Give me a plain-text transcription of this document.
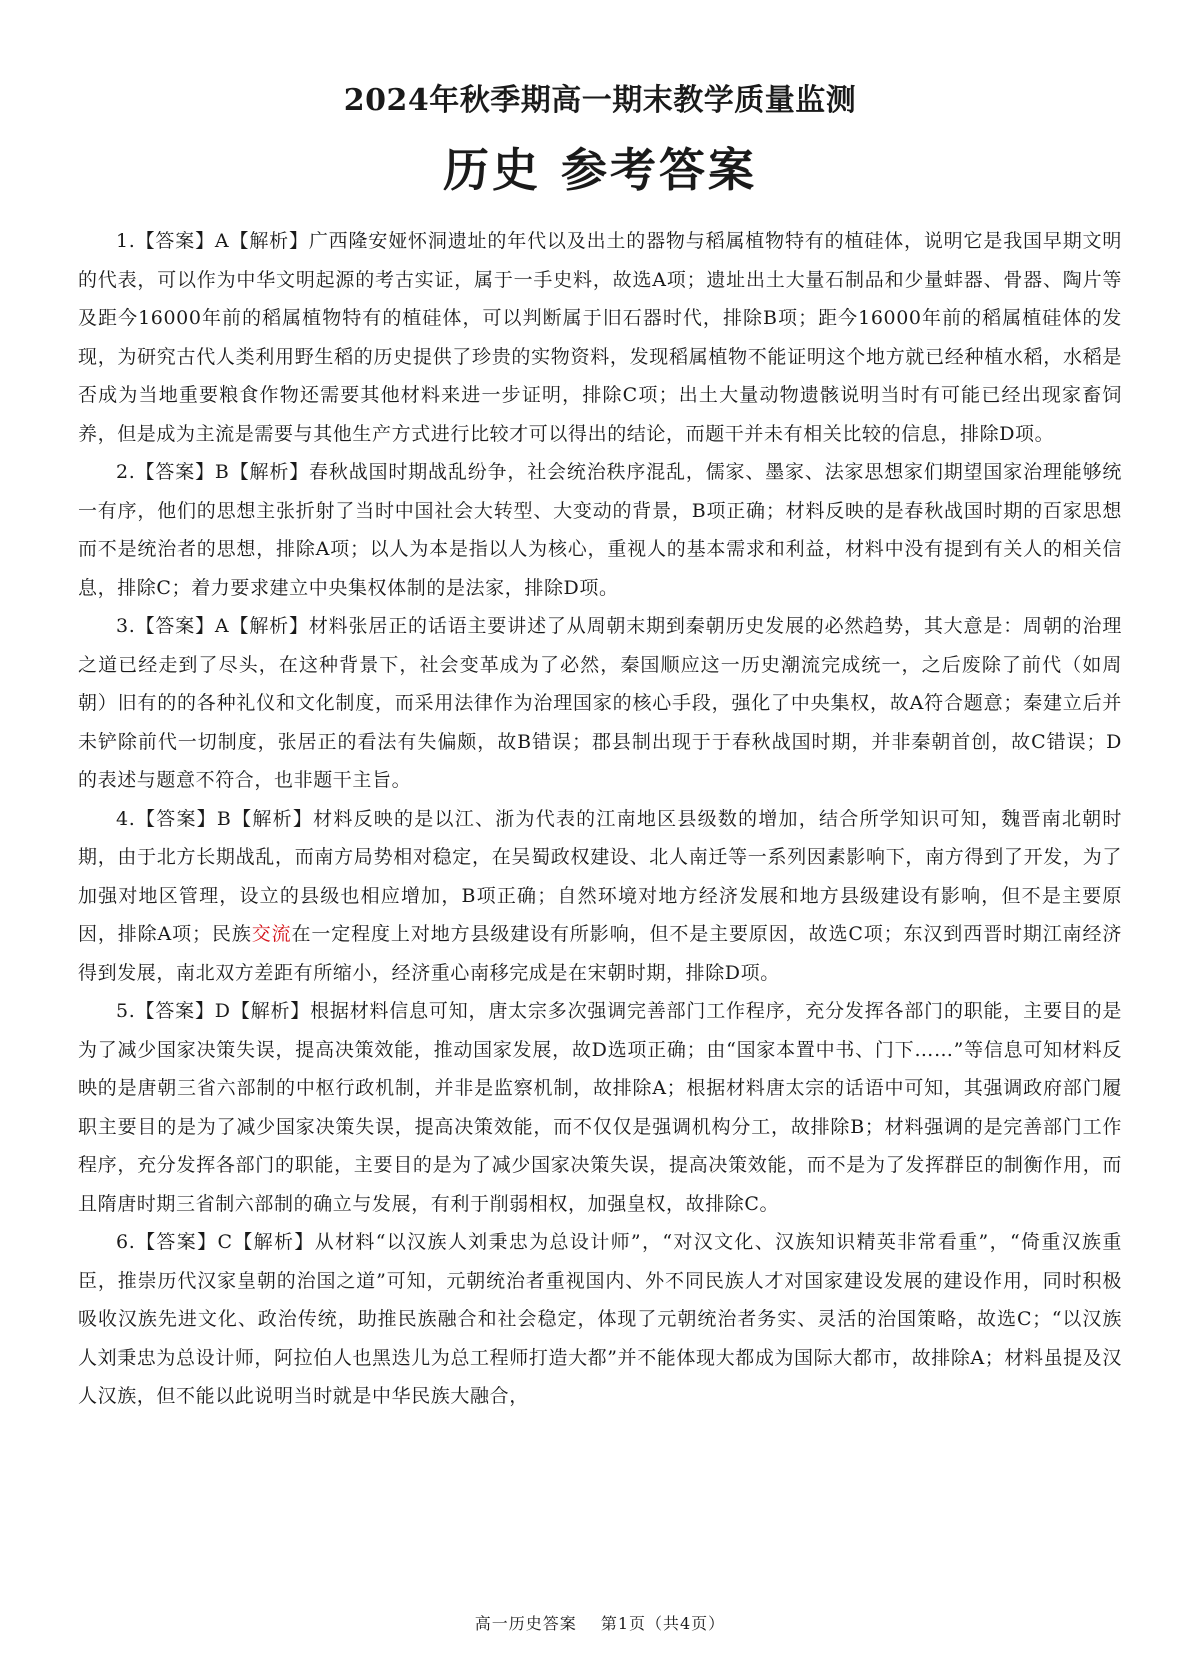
2024年秋季期高一期末教学质量监测
历史 参考答案

1.【答案】A【解析】广西隆安娅怀洞遗址的年代以及出土的器物与稻属植物特有的植硅体，说明它是我国早期文明的代表，可以作为中华文明起源的考古实证，属于一手史料，故选A项；遗址出土大量石制品和少量蚌器、骨器、陶片等及距今16000年前的稻属植物特有的植硅体，可以判断属于旧石器时代，排除B项；距今16000年前的稻属植硅体的发现，为研究古代人类利用野生稻的历史提供了珍贵的实物资料，发现稻属植物不能证明这个地方就已经种植水稻，水稻是否成为当地重要粮食作物还需要其他材料来进一步证明，排除C项；出土大量动物遗骸说明当时有可能已经出现家畜饲养，但是成为主流是需要与其他生产方式进行比较才可以得出的结论，而题干并未有相关比较的信息，排除D项。

2.【答案】B【解析】春秋战国时期战乱纷争，社会统治秩序混乱，儒家、墨家、法家思想家们期望国家治理能够统一有序，他们的思想主张折射了当时中国社会大转型、大变动的背景，B项正确；材料反映的是春秋战国时期的百家思想而不是统治者的思想，排除A项；以人为本是指以人为核心，重视人的基本需求和利益，材料中没有提到有关人的相关信息，排除C；着力要求建立中央集权体制的是法家，排除D项。

3.【答案】A【解析】材料张居正的话语主要讲述了从周朝末期到秦朝历史发展的必然趋势，其大意是：周朝的治理之道已经走到了尽头，在这种背景下，社会变革成为了必然，秦国顺应这一历史潮流完成统一，之后废除了前代（如周朝）旧有的的各种礼仪和文化制度，而采用法律作为治理国家的核心手段，强化了中央集权，故A符合题意；秦建立后并未铲除前代一切制度，张居正的看法有失偏颇，故B错误；郡县制出现于于春秋战国时期，并非秦朝首创，故C错误；D的表述与题意不符合，也非题干主旨。

4.【答案】B【解析】材料反映的是以江、浙为代表的江南地区县级数的增加，结合所学知识可知，魏晋南北朝时期，由于北方长期战乱，而南方局势相对稳定，在吴蜀政权建设、北人南迁等一系列因素影响下，南方得到了开发，为了加强对地区管理，设立的县级也相应增加，B项正确；自然环境对地方经济发展和地方县级建设有影响，但不是主要原因，排除A项；民族交流在一定程度上对地方县级建设有所影响，但不是主要原因，故选C项；东汉到西晋时期江南经济得到发展，南北双方差距有所缩小，经济重心南移完成是在宋朝时期，排除D项。

5.【答案】D【解析】根据材料信息可知，唐太宗多次强调完善部门工作程序，充分发挥各部门的职能，主要目的是为了减少国家决策失误，提高决策效能，推动国家发展，故D选项正确；由“国家本置中书、门下……”等信息可知材料反映的是唐朝三省六部制的中枢行政机制，并非是监察机制，故排除A；根据材料唐太宗的话语中可知，其强调政府部门履职主要目的是为了减少国家决策失误，提高决策效能，而不仅仅是强调机构分工，故排除B；材料强调的是完善部门工作程序，充分发挥各部门的职能，主要目的是为了减少国家决策失误，提高决策效能，而不是为了发挥群臣的制衡作用，而且隋唐时期三省制六部制的确立与发展，有利于削弱相权，加强皇权，故排除C。

6.【答案】C【解析】从材料“以汉族人刘秉忠为总设计师”，“对汉文化、汉族知识精英非常看重”，“倚重汉族重臣，推崇历代汉家皇朝的治国之道”可知，元朝统治者重视国内、外不同民族人才对国家建设发展的建设作用，同时积极吸收汉族先进文化、政治传统，助推民族融合和社会稳定，体现了元朝统治者务实、灵活的治国策略，故选C；“以汉族人刘秉忠为总设计师，阿拉伯人也黑迭儿为总工程师打造大都”并不能体现大都成为国际大都市，故排除A；材料虽提及汉人汉族，但不能以此说明当时就是中华民族大融合，

高一历史答案 第1页（共4页）
